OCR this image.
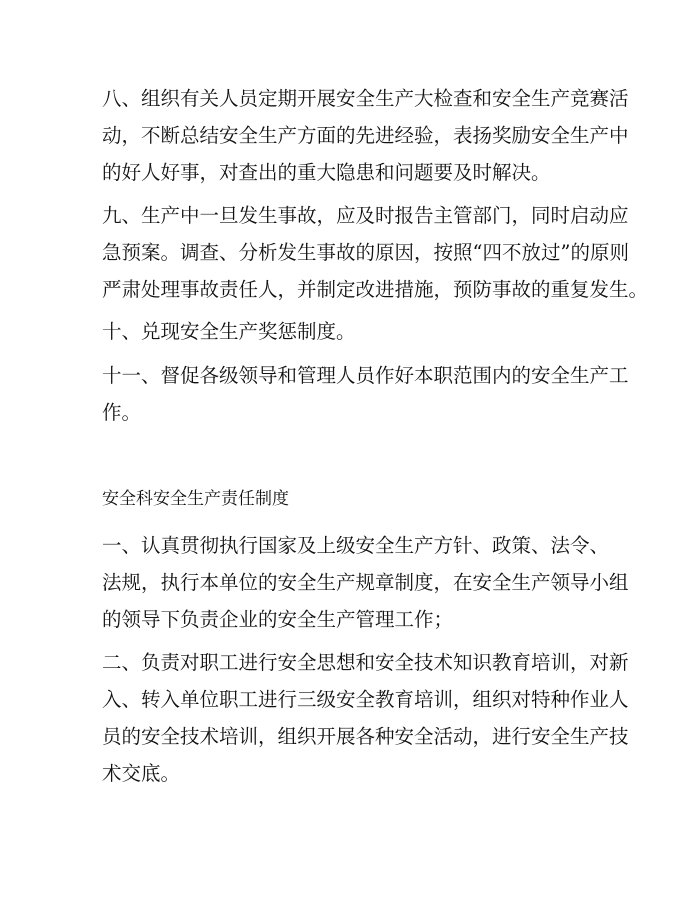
八、组织有关人员定期开展安全生产大检查和安全生产竞赛活
动，不断总结安全生产方面的先进经验，表扬奖励安全生产中
的好人好事，对查出的重大隐患和问题要及时解决。

九、生产中一旦发生事故，应及时报告主管部门，同时启动应
急预案。调查、分析发生事故的原因，按照“四不放过”的原则
严肃处理事故责任人，并制定改进措施，预防事故的重复发生。

十、兑现安全生产奖惩制度。

十一、督促各级领导和管理人员作好本职范围内的安全生产工
作。

安全科安全生产责任制度

一、认真贯彻执行国家及上级安全生产方针、政策、法令、
法规，执行本单位的安全生产规章制度，在安全生产领导小组
的领导下负责企业的安全生产管理工作；

二、负责对职工进行安全思想和安全技术知识教育培训，对新
入、转入单位职工进行三级安全教育培训，组织对特种作业人
员的安全技术培训，组织开展各种安全活动，进行安全生产技
术交底。
